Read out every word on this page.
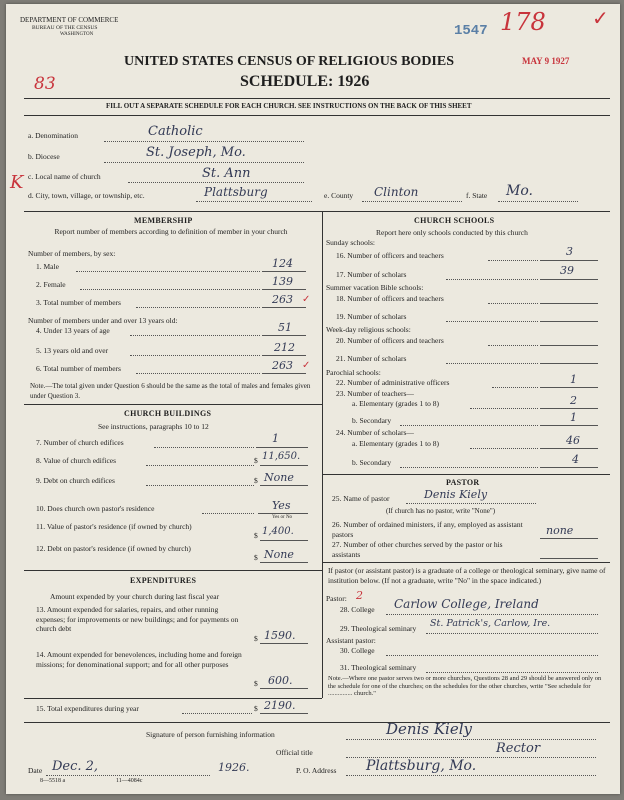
DEPARTMENT OF COMMERCE
BUREAU OF THE CENSUS
WASHINGTON	1547 178 ✓
MAY 9 1927
UNITED STATES CENSUS OF RELIGIOUS BODIES
SCHEDULE: 1926
83
FILL OUT A SEPARATE SCHEDULE FOR EACH CHURCH. SEE INSTRUCTIONS ON THE BACK OF THIS SHEET
a. Denomination	Catholic
b. Diocese	St. Joseph, Mo.
c. Local name of church	St. Ann
d. City, town, village, or township, etc.	Plattsburg	e. County Clinton	f. State Mo.
K
MEMBERSHIP
Report number of members according to definition of member in your church
Number of members, by sex:
1. Male	124
2. Female	139
3. Total number of members	263 ✓
Number of members under and over 13 years old:
4. Under 13 years of age	51
5. 13 years old and over	212
6. Total number of members	263 ✓
Note.—The total given under Question 6 should be the same as the total of males and females given under Question 3.
CHURCH BUILDINGS
See instructions, paragraphs 10 to 12
7. Number of church edifices	1
8. Value of church edifices	$ 11,650.
9. Debt on church edifices	$ None
10. Does church own pastor's residence	Yes
Yes or No
11. Value of pastor's residence (if owned by church)
$ 1,400.
12. Debt on pastor's residence (if owned by church)
$ None
EXPENDITURES
Amount expended by your church during last fiscal year
13. Amount expended for salaries, repairs, and other running expenses; for improvements or new buildings; and for payments on church debt
$ 1590.
14. Amount expended for benevolences, including home and foreign missions; for denominational support; and for all other purposes
$ 600.
15. Total expenditures during year	$ 2190.
CHURCH SCHOOLS
Report here only schools conducted by this church
Sunday schools:
16. Number of officers and teachers	3
17. Number of scholars	39
Summer vacation Bible schools:
18. Number of officers and teachers
19. Number of scholars
Week-day religious schools:
20. Number of officers and teachers
21. Number of scholars
Parochial schools:
22. Number of administrative officers	1
23. Number of teachers—
a. Elementary (grades 1 to 8)	2
b. Secondary	1
24. Number of scholars—
a. Elementary (grades 1 to 8)	46
b. Secondary	4
PASTOR
25. Name of pastor	Denis Kiely
(If church has no pastor, write "None")
26. Number of ordained ministers, if any, employed as assistant pastors	none
27. Number of other churches served by the pastor or his assistants
If pastor (or assistant pastor) is a graduate of a college or theological seminary, give name of institution below. (If not a graduate, write "No" in the space indicated.)
Pastor: 2
28. College Carlow College, Ireland
29. Theological seminary St. Patrick's, Carlow, Ire.
Assistant pastor:
30. College
31. Theological seminary
Note.—Where one pastor serves two or more churches, Questions 28 and 29 should be answered only on the schedule for one of the churches; on the schedules for the other churches, write "See schedule for ............... church."
Signature of person furnishing information	Denis Kiely
Official title	Rector
Date Dec. 2,	1926.
8—5518 a	11—4084c
P. O. Address Plattsburg, Mo.
